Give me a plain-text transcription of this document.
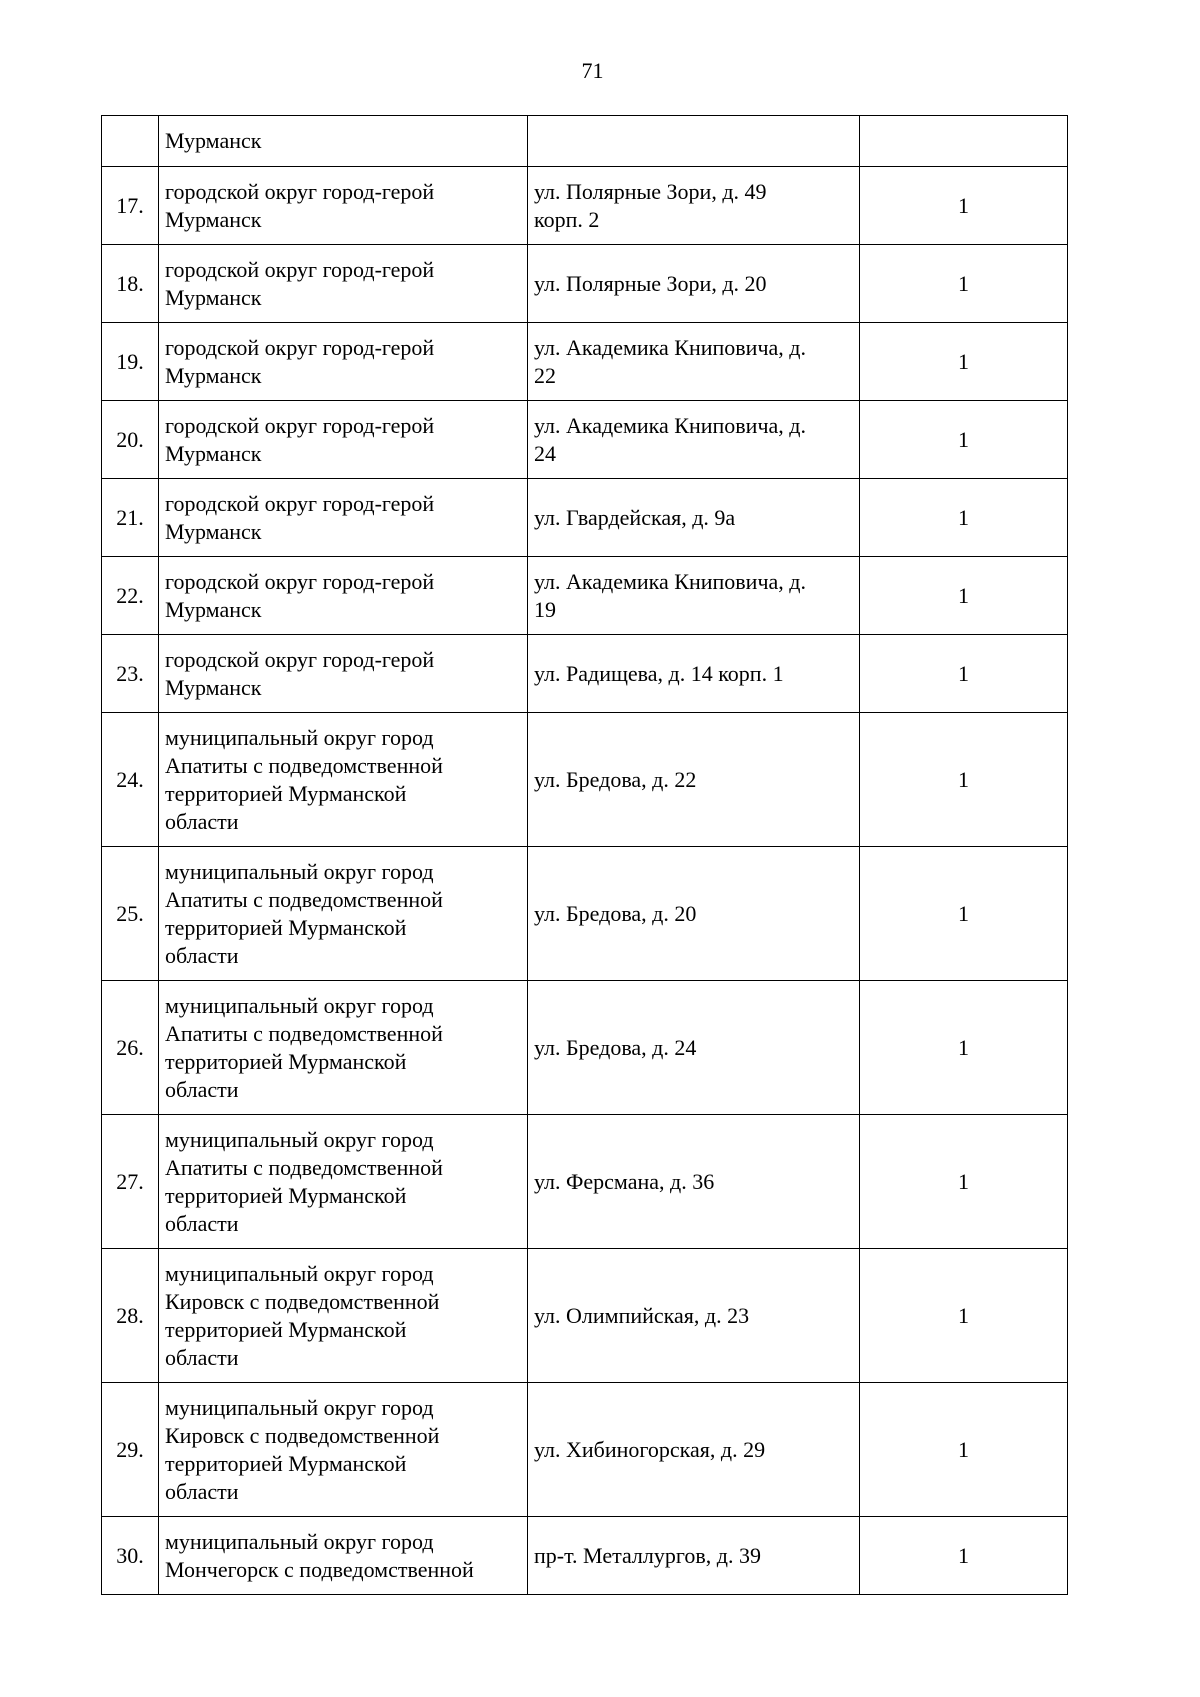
71
	Мурманск		
17.	городской округ город-герой
Мурманск	ул. Полярные Зори, д. 49
корп. 2	1
18.	городской округ город-герой
Мурманск	ул. Полярные Зори, д. 20	1
19.	городской округ город-герой
Мурманск	ул. Академика Книповича, д.
22	1
20.	городской округ город-герой
Мурманск	ул. Академика Книповича, д.
24	1
21.	городской округ город-герой
Мурманск	ул. Гвардейская, д. 9а	1
22.	городской округ город-герой
Мурманск	ул. Академика Книповича, д.
19	1
23.	городской округ город-герой
Мурманск	ул. Радищева, д. 14 корп. 1	1
24.	муниципальный округ город
Апатиты с подведомственной
территорией Мурманской
области	ул. Бредова, д. 22	1
25.	муниципальный округ город
Апатиты с подведомственной
территорией Мурманской
области	ул. Бредова, д. 20	1
26.	муниципальный округ город
Апатиты с подведомственной
территорией Мурманской
области	ул. Бредова, д. 24	1
27.	муниципальный округ город
Апатиты с подведомственной
территорией Мурманской
области	ул. Ферсмана, д. 36	1
28.	муниципальный округ город
Кировск с подведомственной
территорией Мурманской
области	ул. Олимпийская, д. 23	1
29.	муниципальный округ город
Кировск с подведомственной
территорией Мурманской
области	ул. Хибиногорская, д. 29	1
30.	муниципальный округ город
Мончегорск с подведомственной	пр-т. Металлургов, д. 39	1
